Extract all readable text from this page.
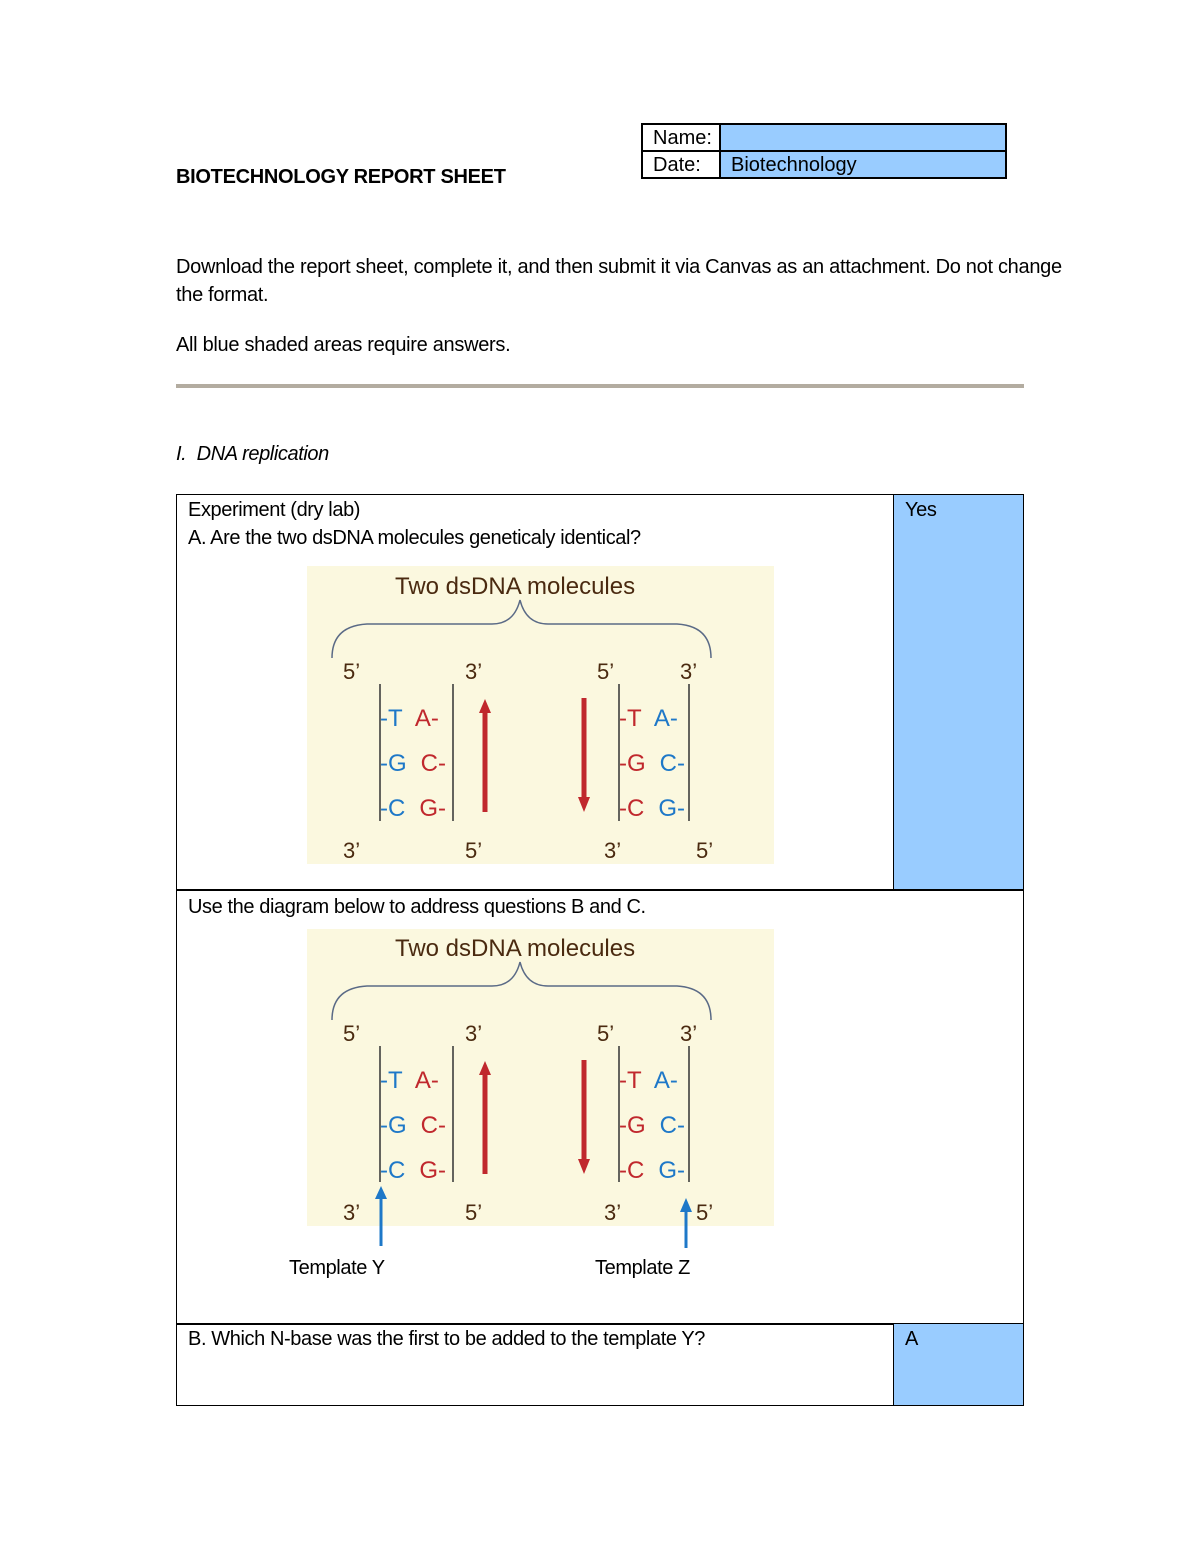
BIOTECHNOLOGY REPORT SHEET
Name:	
Date:	Biotechnology
Download the report sheet, complete it, and then submit it via Canvas as an attachment. Do not change the format.
All blue shaded areas require answers.
I. DNA replication
Experiment (dry lab)
A. Are the two dsDNA molecules geneticaly identical?
Yes
Use the diagram below to address questions B and C.
B. Which N-base was the first to be added to the template Y?	A
Two dsDNA molecules
5’	3’	5’	3’
-T A-
-G C-
-C G-
-T A-
-G C-
-C G-
3’	5’	3’	5’
Two dsDNA molecules
5’	3’	5’	3’
-T A-
-G C-
-C G-
-T A-
-G C-
-C G-
3’	5’	3’	5’
Template Y	Template Z
